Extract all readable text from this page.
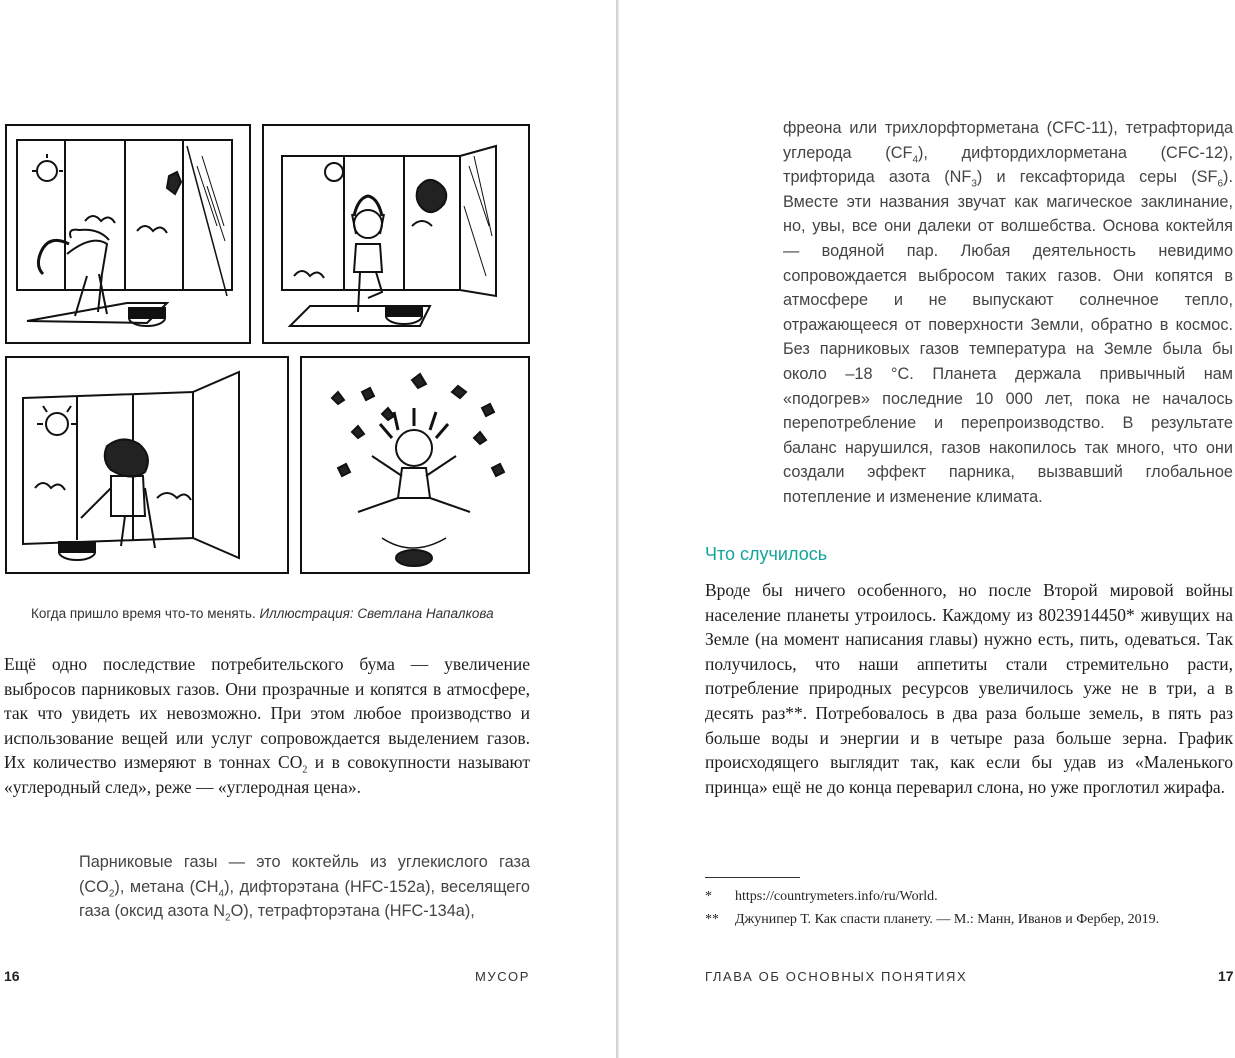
Когда пришло время что-то менять. Иллюстрация: Светлана Напалкова

Ещё одно последствие потребительского бума — увеличение выбросов парниковых газов. Они прозрачные и копятся в атмосфере, так что увидеть их невозможно. При этом любое производство и использование вещей или услуг сопровождается выделением газов. Их количество измеряют в тоннах $CO_2$ и в совокупности называют «углеродный след», реже — «углеродная цена».

Парниковые газы — это коктейль из углекислого газа $(CO_2)$, метана $(CH_4)$, дифторэтана (HFC-152a), веселящего газа (оксид азота $N_2O$), тетрафторэтана (HFC-134a),

фреона или трихлорфторметана (CFC-11), тетрафторида углерода $(CF_4)$, дифтордихлорметана (CFC-12), трифторида азота $(NF_3)$ и гексафторида серы $(SF_6)$. Вместе эти названия звучат как магическое заклинание, но, увы, все они далеки от волшебства. Основа коктейля — водяной пар. Любая деятельность невидимо сопровождается выбросом таких газов. Они копятся в атмосфере и не выпускают солнечное тепло, отражающееся от поверхности Земли, обратно в космос. Без парниковых газов температура на Земле была бы около –18 °C. Планета держала привычный нам «подогрев» последние 10 000 лет, пока не началось перепотребление и перепроизводство. В результате баланс нарушился, газов накопилось так много, что они создали эффект парника, вызвавший глобальное потепление и изменение климата.

Что случилось

Вроде бы ничего особенного, но после Второй мировой войны население планеты утроилось. Каждому из 8023914450* живущих на Земле (на момент написания главы) нужно есть, пить, одеваться. Так получилось, что наши аппетиты стали стремительно расти, потребление природных ресурсов увеличилось уже не в три, а в десять раз**. Потребовалось в два раза больше земель, в пять раз больше воды и энергии и в четыре раза больше зерна. График происходящего выглядит так, как если бы удав из «Маленького принца» ещё не до конца переварил слона, но уже проглотил жирафа.

* https://countrymeters.info/ru/World.
** Джунипер Т. Как спасти планету. — М.: Манн, Иванов и Фербер, 2019.
16	МУСОР	ГЛАВА ОБ ОСНОВНЫХ ПОНЯТИЯХ	17
